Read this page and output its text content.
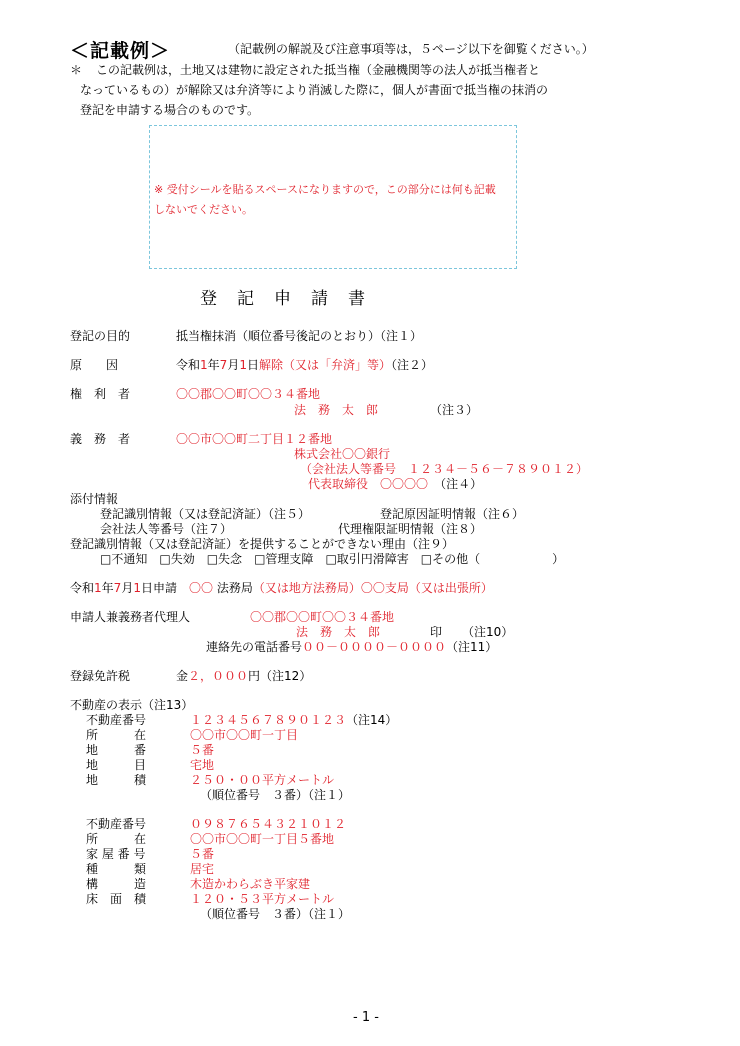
＜記載例＞	（記載例の解説及び注意事項等は，５ページ以下を御覧ください。）
＊ この記載例は，土地又は建物に設定された抵当権（金融機関等の法人が抵当権者と
なっているもの）が解除又は弁済等により消滅した際に，個人が書面で抵当権の抹消の
登記を申請する場合のものです。
※ 受付シールを貼るスペースになりますので，この部分には何も記載
しないでください。
登記申請書
登記の目的	抵当権抹消（順位番号後記のとおり）（注１）
原　　因	令和1年7月1日解除（又は「弁済」等）（注２）
権　利　者	〇〇郡〇〇町〇〇３４番地
法　務　太　郎	（注３）
義　務　者	〇〇市〇〇町二丁目１２番地
株式会社〇〇銀行
（会社法人等番号　１２３４－５６－７８９０１２）
代表取締役　 〇〇〇〇　 （注４）
添付情報
登記識別情報（又は登記済証）（注５）	登記原因証明情報（注６）
会社法人等番号（注７）	代理権限証明情報（注８）
登記識別情報（又は登記済証）を提供することができない理由（注９）
□不通知　 □失効　 □失念　 □管理支障　 □取引円滑障害　 □その他（　　　　　　）
令和1年7月1日申請　 〇〇 法務局（又は地方法務局）〇〇支局（又は出張所）
申請人兼義務者代理人	〇〇郡〇〇町〇〇３４番地
法　務　太　郎	印 （注10）
連絡先の電話番号００－００００－００００（注11）
登録免許税	金２，０００円（注12）
不動産の表示（注13）
不動産番号	１２３４５６７８９０１２３（注14）
所　　　在	〇〇市〇〇町一丁目
地　　　番	５番
地　　　目	宅地
地　　　積	２５０・００平方メートル
（順位番号　３番）（注１）
不動産番号	０９８７６５４３２１０１２
所　　　在	〇〇市〇〇町一丁目５番地
家 屋 番 号	５番
種　　　類	居宅
構　　　造	木造かわらぶき平家建
床　面　積	１２０・５３平方メートル
（順位番号　３番）（注１）
- 1 -
